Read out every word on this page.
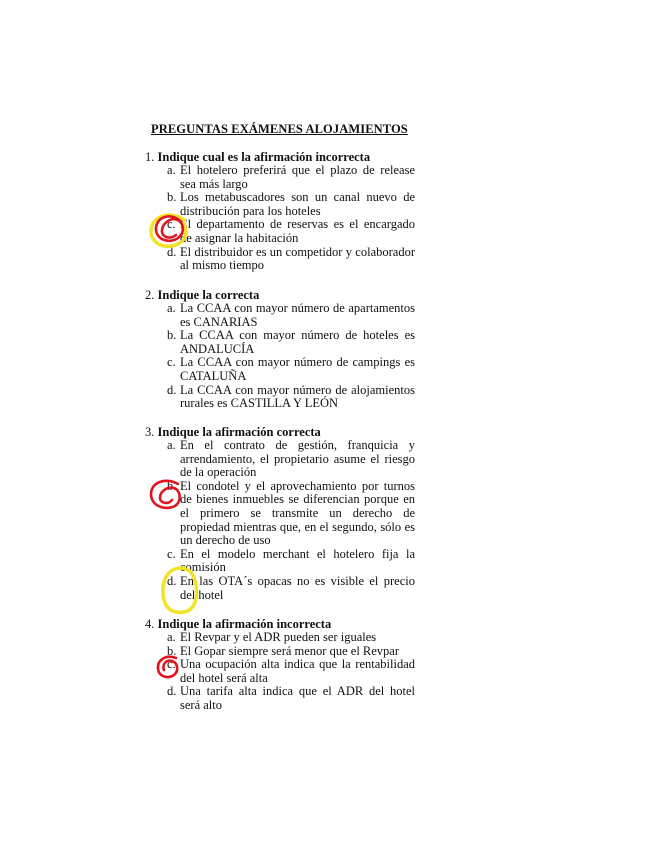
PREGUNTAS EXÁMENES ALOJAMIENTOS
1. Indique cual es la afirmación incorrecta
a. El hotelero preferirá que el plazo de release sea más largo
b. Los metabuscadores son un canal nuevo de distribución para los hoteles
c. El departamento de reservas es el encargado de asignar la habitación
d. El distribuidor es un competidor y colaborador al mismo tiempo
2. Indique la correcta
a. La CCAA con mayor número de apartamentos es CANARIAS
b. La CCAA con mayor número de hoteles es ANDALUCÍA
c. La CCAA con mayor número de campings es CATALUÑA
d. La CCAA con mayor número de alojamientos rurales es CASTILLA Y LEÓN
3. Indique la afirmación correcta
a. En el contrato de gestión, franquicia y arrendamiento, el propietario asume el riesgo de la operación
b. El condotel y el aprovechamiento por turnos de bienes inmuebles se diferencian porque en el primero se transmite un derecho de propiedad mientras que, en el segundo, sólo es un derecho de uso
c. En el modelo merchant el hotelero fija la comisión
d. En las OTA´s opacas no es visible el precio del hotel
4. Indique la afirmación incorrecta
a. El Revpar y el ADR pueden ser iguales
b. El Gopar siempre será menor que el Revpar
c. Una ocupación alta indica que la rentabilidad del hotel será alta
d. Una tarifa alta indica que el ADR del hotel será alto
